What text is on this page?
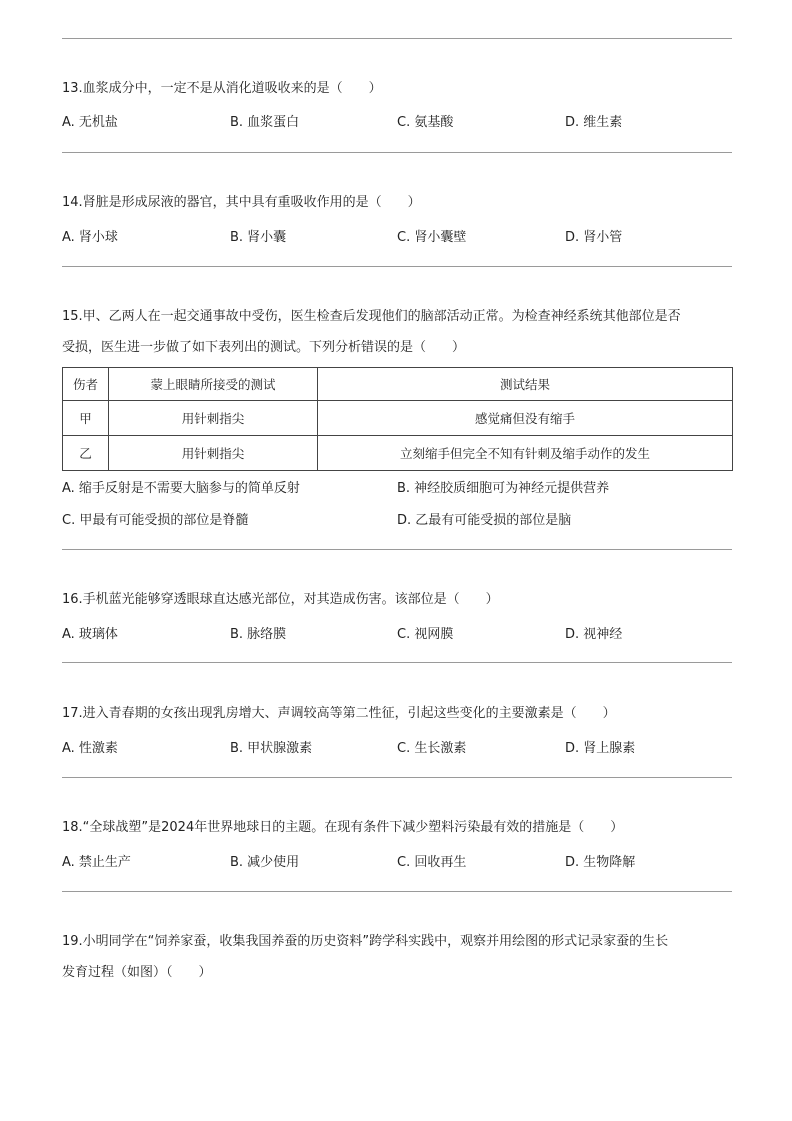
13.血浆成分中，一定不是从消化道吸收来的是（　　）
A. 无机盐	B. 血浆蛋白	C. 氨基酸	D. 维生素
14.肾脏是形成尿液的器官，其中具有重吸收作用的是（　　）
A. 肾小球	B. 肾小囊	C. 肾小囊壁	D. 肾小管
15.甲、乙两人在一起交通事故中受伤，医生检查后发现他们的脑部活动正常。为检查神经系统其他部位是否
受损，医生进一步做了如下表列出的测试。下列分析错误的是（　　）
伤者	蒙上眼睛所接受的测试	测试结果
甲	用针刺指尖	感觉痛但没有缩手
乙	用针刺指尖	立刻缩手但完全不知有针刺及缩手动作的发生
A. 缩手反射是不需要大脑参与的简单反射	B. 神经胶质细胞可为神经元提供营养
C. 甲最有可能受损的部位是脊髓	D. 乙最有可能受损的部位是脑
16.手机蓝光能够穿透眼球直达感光部位，对其造成伤害。该部位是（　　）
A. 玻璃体	B. 脉络膜	C. 视网膜	D. 视神经
17.进入青春期的女孩出现乳房增大、声调较高等第二性征，引起这些变化的主要激素是（　　）
A. 性激素	B. 甲状腺激素	C. 生长激素	D. 肾上腺素
18.“全球战塑”是2024年世界地球日的主题。在现有条件下减少塑料污染最有效的措施是（　　）
A. 禁止生产	B. 减少使用	C. 回收再生	D. 生物降解
19.小明同学在“饲养家蚕，收集我国养蚕的历史资料”跨学科实践中，观察并用绘图的形式记录家蚕的生长
发育过程（如图）（　　）
